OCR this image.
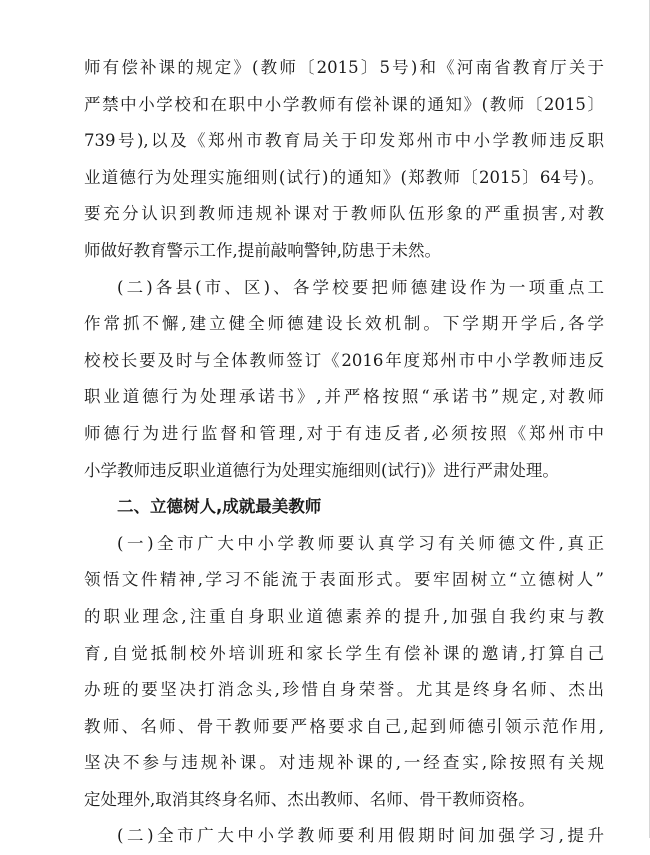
师有偿补课的规定》(教师〔2015〕5号)和《河南省教育厅关于
严禁中小学校和在职中小学教师有偿补课的通知》(教师〔2015〕
739号),以及《郑州市教育局关于印发郑州市中小学教师违反职
业道德行为处理实施细则(试行)的通知》(郑教师〔2015〕64号)。
要充分认识到教师违规补课对于教师队伍形象的严重损害,对教
师做好教育警示工作,提前敲响警钟,防患于未然。
(二)各县(市、区)、各学校要把师德建设作为一项重点工
作常抓不懈,建立健全师德建设长效机制。下学期开学后,各学
校校长要及时与全体教师签订《2016年度郑州市中小学教师违反
职业道德行为处理承诺书》,并严格按照“承诺书”规定,对教师
师德行为进行监督和管理,对于有违反者,必须按照《郑州市中
小学教师违反职业道德行为处理实施细则(试行)》进行严肃处理。
二、立德树人,成就最美教师
(一)全市广大中小学教师要认真学习有关师德文件,真正
领悟文件精神,学习不能流于表面形式。要牢固树立“立德树人”
的职业理念,注重自身职业道德素养的提升,加强自我约束与教
育,自觉抵制校外培训班和家长学生有偿补课的邀请,打算自己
办班的要坚决打消念头,珍惜自身荣誉。尤其是终身名师、杰出
教师、名师、骨干教师要严格要求自己,起到师德引领示范作用,
坚决不参与违规补课。对违规补课的,一经查实,除按照有关规
定处理外,取消其终身名师、杰出教师、名师、骨干教师资格。
(二)全市广大中小学教师要利用假期时间加强学习,提升
